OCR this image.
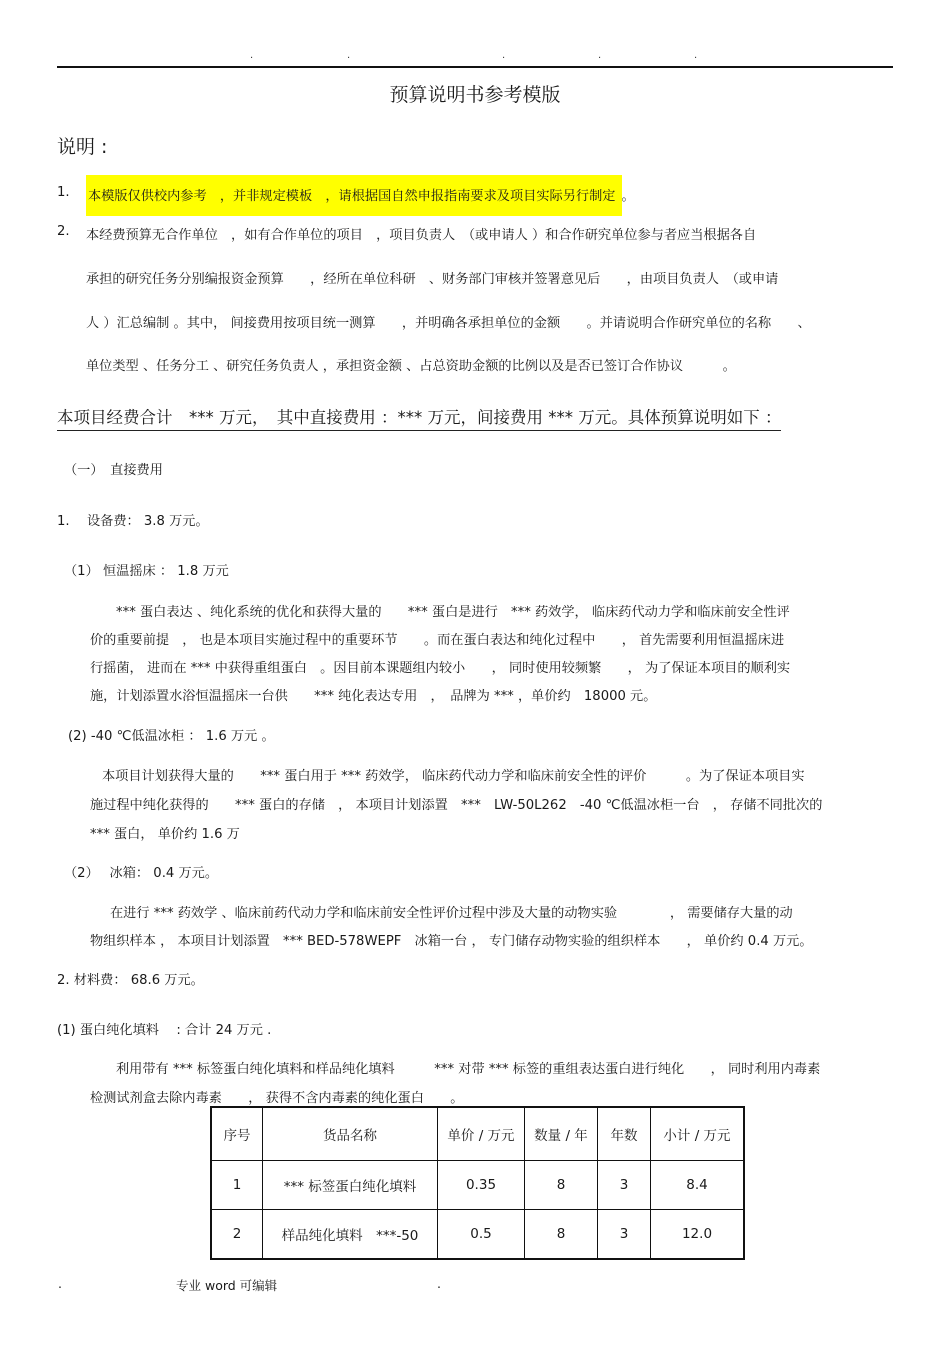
.	.	.	.	.
预算说明书参考模版
说明 :
1. 本模版仅供校内参考　，并非规定模板　，请根据国自然申报指南要求及项目实际另行制定 。
2. 本经费预算无合作单位　，如有合作单位的项目　，项目负责人　（或申请人 ）和合作研究单位参与者应当根据各自
承担的研究任务分别编报资金预算　　，经所在单位科研　、财务部门审核并签署意见后　　，由项目负责人　（或申请
人 ）汇总编制 。其中， 间接费用按项目统一测算　　，并明确各承担单位的金额　　。并请说明合作研究单位的名称　　、
单位类型 、任务分工 、研究任务负责人 ，承担资金额 、占总资助金额的比例以及是否已签订合作协议　　　。
本项目经费合计　*** 万元，　其中直接费用 ：*** 万元，间接费用 *** 万元。具体预算说明如下 ：
（一）　直接费用
1.　 设备费： 3.8 万元。
（1） 恒温摇床 ： 1.8 万元
*** 蛋白表达 、纯化系统的优化和获得大量的　　*** 蛋白是进行　*** 药效学， 临床药代动力学和临床前安全性评
价的重要前提　， 也是本项目实施过程中的重要环节　　。而在蛋白表达和纯化过程中　　， 首先需要利用恒温摇床进
行摇菌， 进而在 *** 中获得重组蛋白　。因目前本课题组内较小　　， 同时使用较频繁　　， 为了保证本项目的顺利实
施，计划添置水浴恒温摇床一台供　　*** 纯化表达专用　，　品牌为 *** ，单价约　18000 元。
(2) -40 ℃低温冰柜 ： 1.6 万元 。
本项目计划获得大量的　　*** 蛋白用于 *** 药效学， 临床药代动力学和临床前安全性的评价　　　。为了保证本项目实
施过程中纯化获得的　　*** 蛋白的存储　， 本项目计划添置　***　LW-50L262　-40 ℃低温冰柜一台　， 存储不同批次的
*** 蛋白， 单价约 1.6 万
（2）　 冰箱： 0.4 万元。
在进行 *** 药效学 、临床前药代动力学和临床前安全性评价过程中涉及大量的动物实验　　　　， 需要储存大量的动
物组织样本 ， 本项目计划添置　*** BED-578WEPF　冰箱一台 ， 专门储存动物实验的组织样本　　， 单价约 0.4 万元。
2. 材料费： 68.6 万元。
(1) 蛋白纯化填料 　: 合计 24 万元 .
利用带有 *** 标签蛋白纯化填料和样品纯化填料　　　*** 对带 *** 标签的重组表达蛋白进行纯化　　， 同时利用内毒素
检测试剂盒去除内毒素　　， 获得不含内毒素的纯化蛋白　　。
序号	货品名称	单价 / 万元	数量 / 年	年数	小计 / 万元
1	*** 标签蛋白纯化填料	0.35	8	3	8.4
2	样品纯化填料　***-50	0.5	8	3	12.0
.	专业 word 可编辑	.
